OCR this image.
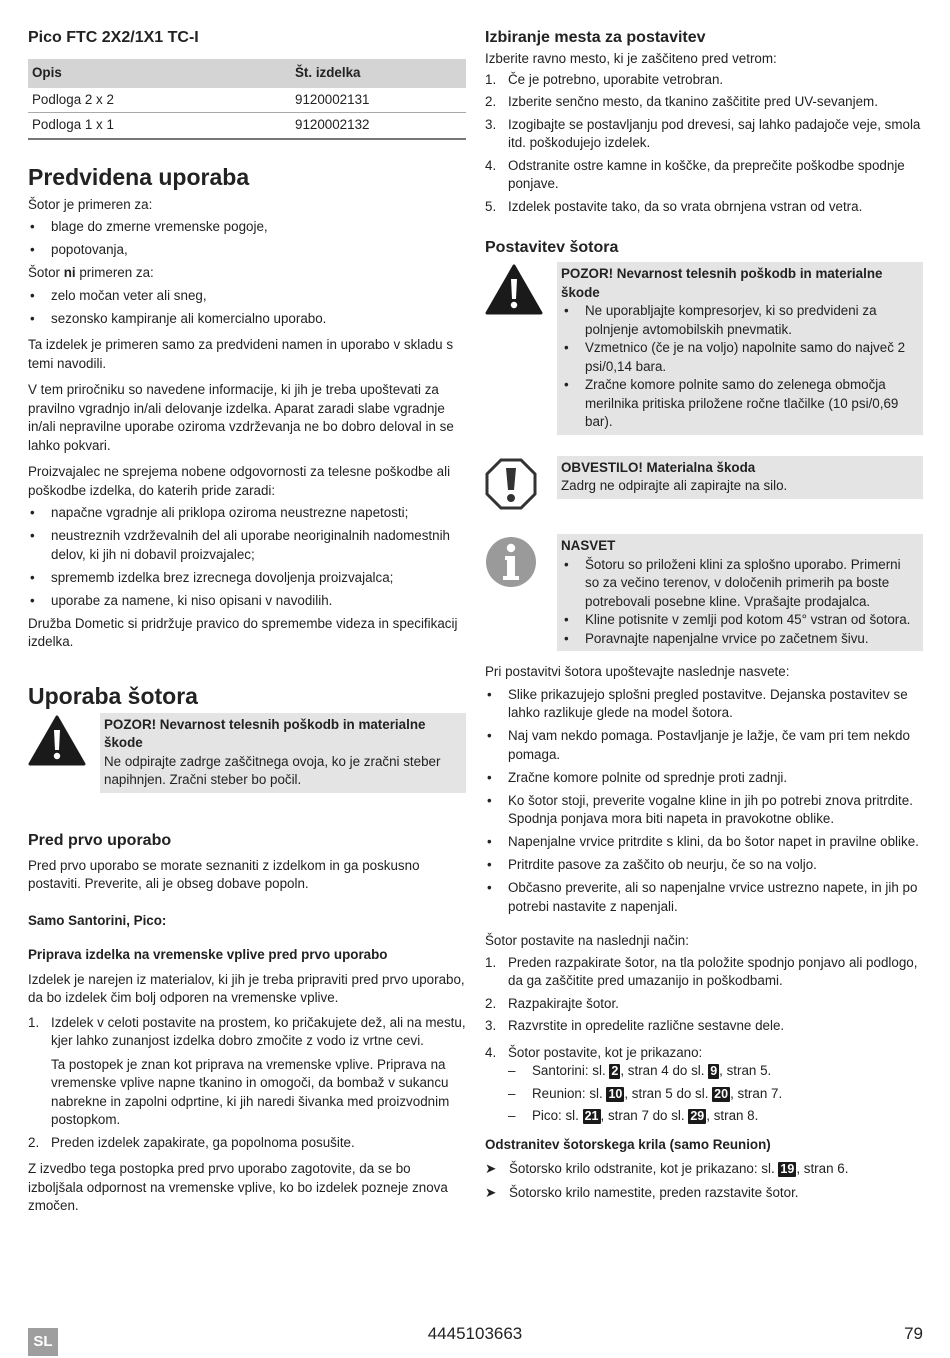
Pico FTC 2X2/1X1 TC-I
Opis	Št. izdelka
Podloga 2 x 2	9120002131
Podloga 1 x 1	9120002132
Predvidena uporaba

Šotor je primeren za:

• blage do zmerne vremenske pogoje,
• popotovanja,

Šotor ni primeren za:

• zelo močan veter ali sneg,
• sezonsko kampiranje ali komercialno uporabo.

Ta izdelek je primeren samo za predvideni namen in uporabo v skladu s temi navodili.

V tem priročniku so navedene informacije, ki jih je treba upoštevati za pravilno vgradnjo in/ali delovanje izdelka. Aparat zaradi slabe vgradnje in/ali nepravilne uporabe oziroma vzdrževanja ne bo dobro deloval in se lahko pokvari.

Proizvajalec ne sprejema nobene odgovornosti za telesne poškodbe ali poškodbe izdelka, do katerih pride zaradi:

• napačne vgradnje ali priklopa oziroma neustrezne napetosti;
• neustreznih vzdrževalnih del ali uporabe neoriginalnih nadomestnih delov, ki jih ni dobavil proizvajalec;
• sprememb izdelka brez izrecnega dovoljenja proizvajalca;
• uporabe za namene, ki niso opisani v navodilih.

Družba Dometic si pridržuje pravico do spremembe videza in specifikacij izdelka.

Uporaba šotora
POZOR! Nevarnost telesnih poškodb in materialne škode
Ne odpirajte zadrge zaščitnega ovoja, ko je zračni steber napihnjen. Zračni steber bo počil.
Pred prvo uporabo

Pred prvo uporabo se morate seznaniti z izdelkom in ga poskusno postaviti. Preverite, ali je obseg dobave popoln.

Samo Santorini, Pico:
Priprava izdelka na vremenske vplive pred prvo uporabo

Izdelek je narejen iz materialov, ki jih je treba pripraviti pred prvo uporabo, da bo izdelek čim bolj odporen na vremenske vplive.

1. Izdelek v celoti postavite na prostem, ko pričakujete dež, ali na mestu, kjer lahko zunanjost izdelka dobro zmočite z vodo iz vrtne cevi.

Ta postopek je znan kot priprava na vremenske vplive. Priprava na vremenske vplive napne tkanino in omogoči, da bombaž v sukancu nabrekne in zapolni odprtine, ki jih naredi šivanka med proizvodnim postopkom.

2. Preden izdelek zapakirate, ga popolnoma posušite.

Z izvedbo tega postopka pred prvo uporabo zagotovite, da se bo izboljšala odpornost na vremenske vplive, ko bo izdelek pozneje znova zmočen.

Izbiranje mesta za postavitev

Izberite ravno mesto, ki je zaščiteno pred vetrom:

1. Če je potrebno, uporabite vetrobran.
2. Izberite senčno mesto, da tkanino zaščitite pred UV-sevanjem.
3. Izogibajte se postavljanju pod drevesi, saj lahko padajoče veje, smola itd. poškodujejo izdelek.
4. Odstranite ostre kamne in koščke, da preprečite poškodbe spodnje ponjave.
5. Izdelek postavite tako, da so vrata obrnjena vstran od vetra.
Postavitev šotora
POZOR! Nevarnost telesnih poškodb in materialne škode
• Ne uporabljajte kompresorjev, ki so predvideni za polnjenje avtomobilskih pnevmatik.
• Vzmetnico (če je na voljo) napolnite samo do največ 2 psi/0,14 bara.
• Zračne komore polnite samo do zelenega območja merilnika pritiska priložene ročne tlačilke (10 psi/0,69 bar).
OBVESTILO! Materialna škoda
Zadrg ne odpirajte ali zapirajte na silo.
NASVET
• Šotoru so priloženi klini za splošno uporabo. Primerni so za večino terenov, v določenih primerih pa boste potrebovali posebne kline. Vprašajte prodajalca.
• Kline potisnite v zemlji pod kotom 45° vstran od šotora.
• Poravnajte napenjalne vrvice po začetnem šivu.

Pri postavitvi šotora upoštevajte naslednje nasvete:

• Slike prikazujejo splošni pregled postavitve. Dejanska postavitev se lahko razlikuje glede na model šotora.
• Naj vam nekdo pomaga. Postavljanje je lažje, če vam pri tem nekdo pomaga.
• Zračne komore polnite od sprednje proti zadnji.
• Ko šotor stoji, preverite vogalne kline in jih po potrebi znova pritrdite. Spodnja ponjava mora biti napeta in pravokotne oblike.
• Napenjalne vrvice pritrdite s klini, da bo šotor napet in pravilne oblike.
• Pritrdite pasove za zaščito ob neurju, če so na voljo.
• Občasno preverite, ali so napenjalne vrvice ustrezno napete, in jih po potrebi nastavite z napenjali.

Šotor postavite na naslednji način:

1. Preden razpakirate šotor, na tla položite spodnjo ponjavo ali podlogo, da ga zaščitite pred umazanijo in poškodbami.
2. Razpakirajte šotor.
3. Razvrstite in opredelite različne sestavne dele.
4. Šotor postavite, kot je prikazano:
– Santorini: sl. 2 , stran 4 do sl. 9 , stran 5.
– Reunion: sl. 10 , stran 5 do sl. 20 , stran 7.
– Pico: sl. 21 , stran 7 do sl. 29 , stran 8.
Odstranitev šotorskega krila (samo Reunion)
➤ Šotorsko krilo odstranite, kot je prikazano: sl. 19 , stran 6.
➤ Šotorsko krilo namestite, preden razstavite šotor.
SL	4445103663	79
